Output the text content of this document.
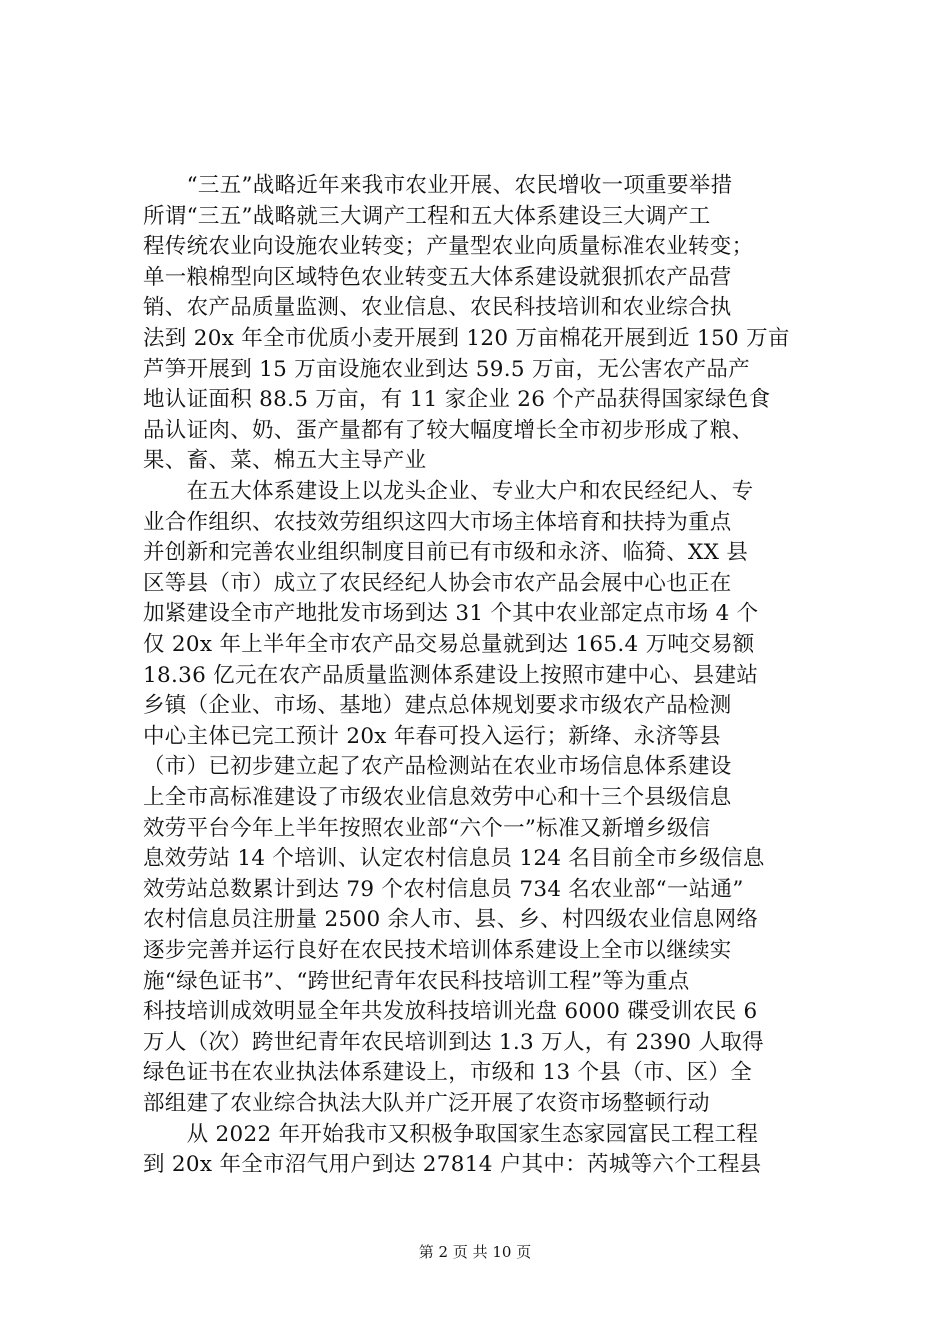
　　“三五”战略近年来我市农业开展、农民增收一项重要举措
所谓“三五”战略就三大调产工程和五大体系建设三大调产工
程传统农业向设施农业转变；产量型农业向质量标准农业转变；
单一粮棉型向区域特色农业转变五大体系建设就狠抓农产品营
销、农产品质量监测、农业信息、农民科技培训和农业综合执
法到 20x 年全市优质小麦开展到 120 万亩棉花开展到近 150 万亩
芦笋开展到 15 万亩设施农业到达 59.5 万亩，无公害农产品产
地认证面积 88.5 万亩，有 11 家企业 26 个产品获得国家绿色食
品认证肉、奶、蛋产量都有了较大幅度增长全市初步形成了粮、
果、畜、菜、棉五大主导产业
　　在五大体系建设上以龙头企业、专业大户和农民经纪人、专
业合作组织、农技效劳组织这四大市场主体培育和扶持为重点
并创新和完善农业组织制度目前已有市级和永济、临猗、XX 县
区等县（市）成立了农民经纪人协会市农产品会展中心也正在
加紧建设全市产地批发市场到达 31 个其中农业部定点市场 4 个
仅 20x 年上半年全市农产品交易总量就到达 165.4 万吨交易额
18.36 亿元在农产品质量监测体系建设上按照市建中心、县建站
乡镇（企业、市场、基地）建点总体规划要求市级农产品检测
中心主体已完工预计 20x 年春可投入运行；新绛、永济等县
（市）已初步建立起了农产品检测站在农业市场信息体系建设
上全市高标准建设了市级农业信息效劳中心和十三个县级信息
效劳平台今年上半年按照农业部“六个一”标准又新增乡级信
息效劳站 14 个培训、认定农村信息员 124 名目前全市乡级信息
效劳站总数累计到达 79 个农村信息员 734 名农业部“一站通”
农村信息员注册量 2500 余人市、县、乡、村四级农业信息网络
逐步完善并运行良好在农民技术培训体系建设上全市以继续实
施“绿色证书”、“跨世纪青年农民科技培训工程”等为重点
科技培训成效明显全年共发放科技培训光盘 6000 碟受训农民 6
万人（次）跨世纪青年农民培训到达 1.3 万人，有 2390 人取得
绿色证书在农业执法体系建设上，市级和 13 个县（市、区）全
部组建了农业综合执法大队并广泛开展了农资市场整顿行动
　　从 2022 年开始我市又积极争取国家生态家园富民工程工程
到 20x 年全市沼气用户到达 27814 户其中：芮城等六个工程县
第 2 页 共 10 页
